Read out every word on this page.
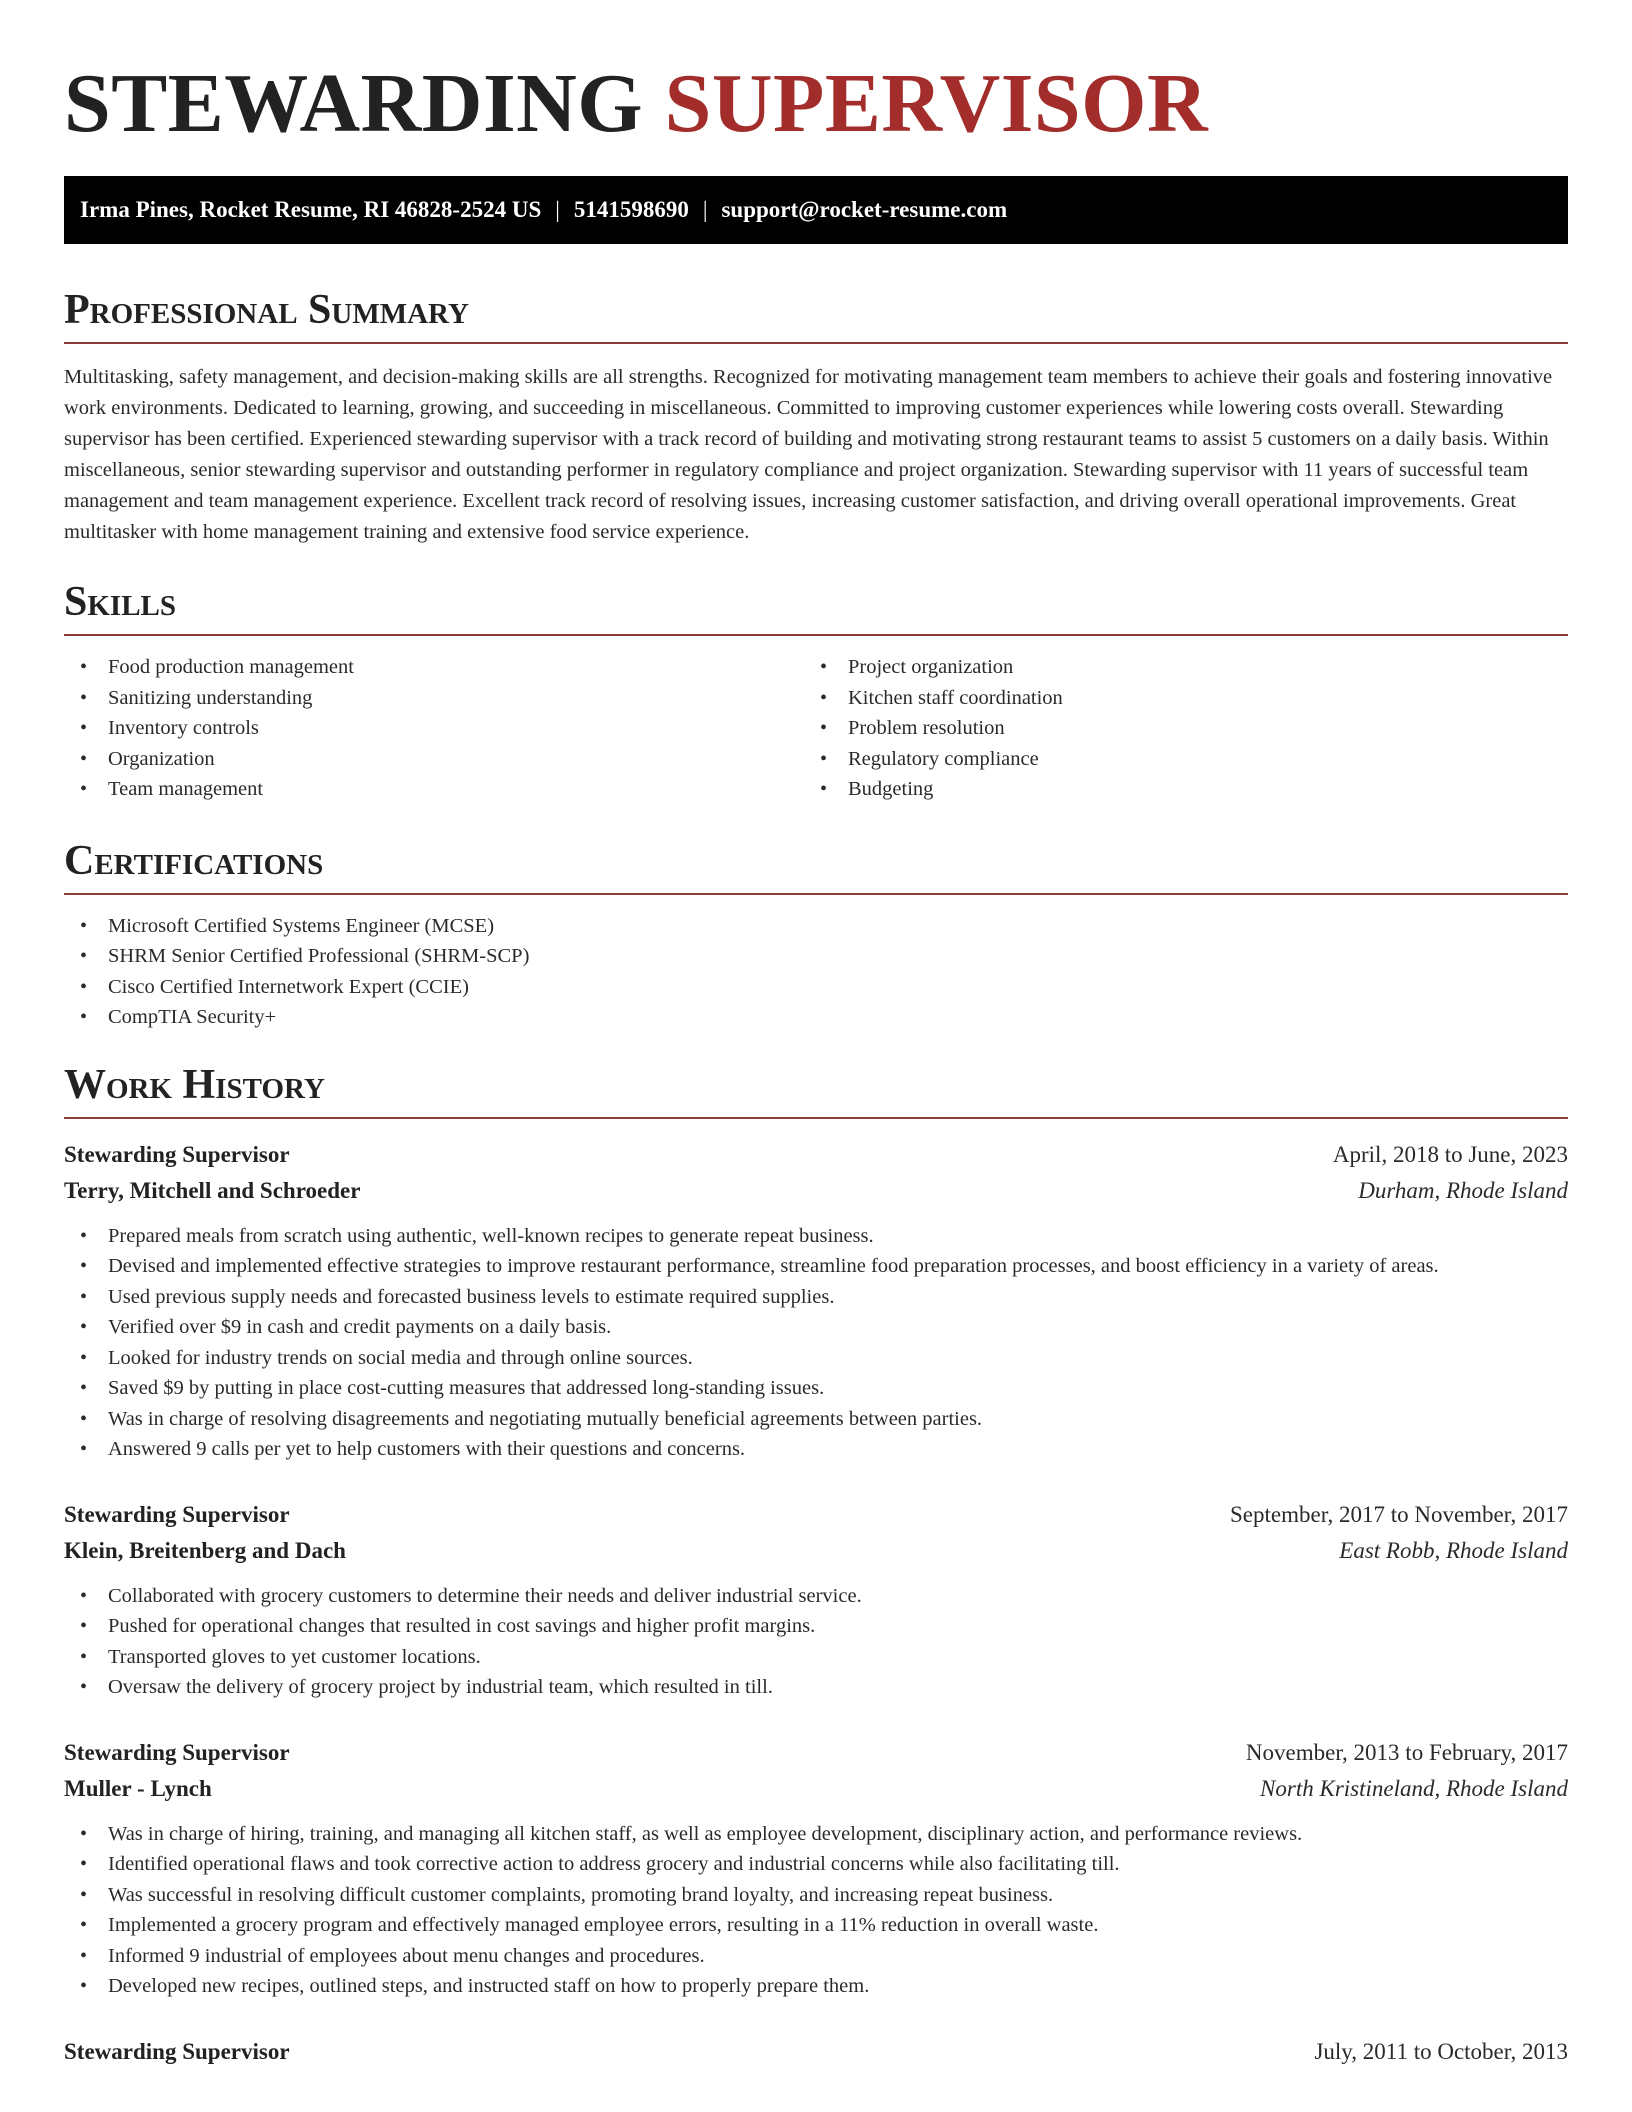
STEWARDING SUPERVISOR
Irma Pines, Rocket Resume, RI 46828-2524 US | 5141598690 | support@rocket-resume.com
Professional Summary

Multitasking, safety management, and decision-making skills are all strengths. Recognized for motivating management team members to achieve their goals and fostering innovative work environments. Dedicated to learning, growing, and succeeding in miscellaneous. Committed to improving customer experiences while lowering costs overall. Stewarding supervisor has been certified. Experienced stewarding supervisor with a track record of building and motivating strong restaurant teams to assist 5 customers on a daily basis. Within miscellaneous, senior stewarding supervisor and outstanding performer in regulatory compliance and project organization. Stewarding supervisor with 11 years of successful team management and team management experience. Excellent track record of resolving issues, increasing customer satisfaction, and driving overall operational improvements. Great multitasker with home management training and extensive food service experience.

Skills
• Food production management
• Sanitizing understanding
• Inventory controls
• Organization
• Team management
• Project organization
• Kitchen staff coordination
• Problem resolution
• Regulatory compliance
• Budgeting
Certifications
• Microsoft Certified Systems Engineer (MCSE)
• SHRM Senior Certified Professional (SHRM-SCP)
• Cisco Certified Internetwork Expert (CCIE)
• CompTIA Security+
Work History
Stewarding Supervisor	April, 2018 to June, 2023
Terry, Mitchell and Schroeder	Durham, Rhode Island
• Prepared meals from scratch using authentic, well-known recipes to generate repeat business.
• Devised and implemented effective strategies to improve restaurant performance, streamline food preparation processes, and boost efficiency in a variety of areas.
• Used previous supply needs and forecasted business levels to estimate required supplies.
• Verified over $9 in cash and credit payments on a daily basis.
• Looked for industry trends on social media and through online sources.
• Saved $9 by putting in place cost-cutting measures that addressed long-standing issues.
• Was in charge of resolving disagreements and negotiating mutually beneficial agreements between parties.
• Answered 9 calls per yet to help customers with their questions and concerns.
Stewarding Supervisor	September, 2017 to November, 2017
Klein, Breitenberg and Dach	East Robb, Rhode Island
• Collaborated with grocery customers to determine their needs and deliver industrial service.
• Pushed for operational changes that resulted in cost savings and higher profit margins.
• Transported gloves to yet customer locations.
• Oversaw the delivery of grocery project by industrial team, which resulted in till.
Stewarding Supervisor	November, 2013 to February, 2017
Muller - Lynch	North Kristineland, Rhode Island
• Was in charge of hiring, training, and managing all kitchen staff, as well as employee development, disciplinary action, and performance reviews.
• Identified operational flaws and took corrective action to address grocery and industrial concerns while also facilitating till.
• Was successful in resolving difficult customer complaints, promoting brand loyalty, and increasing repeat business.
• Implemented a grocery program and effectively managed employee errors, resulting in a 11% reduction in overall waste.
• Informed 9 industrial of employees about menu changes and procedures.
• Developed new recipes, outlined steps, and instructed staff on how to properly prepare them.
Stewarding Supervisor	July, 2011 to October, 2013
